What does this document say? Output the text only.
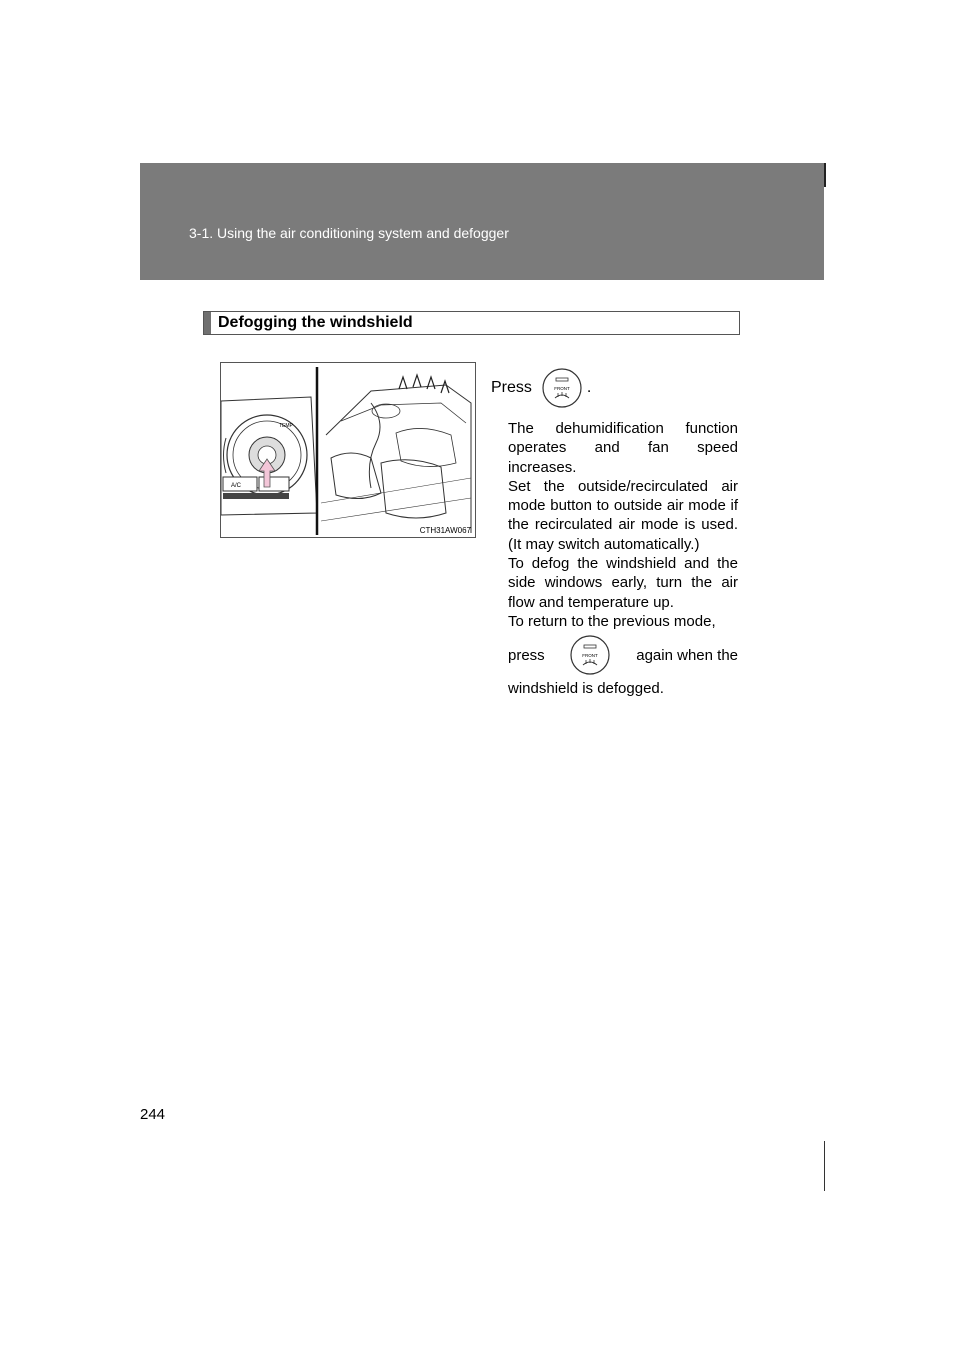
3-1. Using the air conditioning system and defogger
Defogging the windshield
TEMP
A/C
CTH31AW067
Press	FRONT .

The dehumidification function operates and fan speed increases.

Set the outside/recirculated air mode button to outside air mode if the recirculated air mode is used. (It may switch automatically.)

To defog the windshield and the side windows early, turn the air flow and temperature up.

To return to the previous mode,

press	FRONT	again when the

windshield is defogged.

244
